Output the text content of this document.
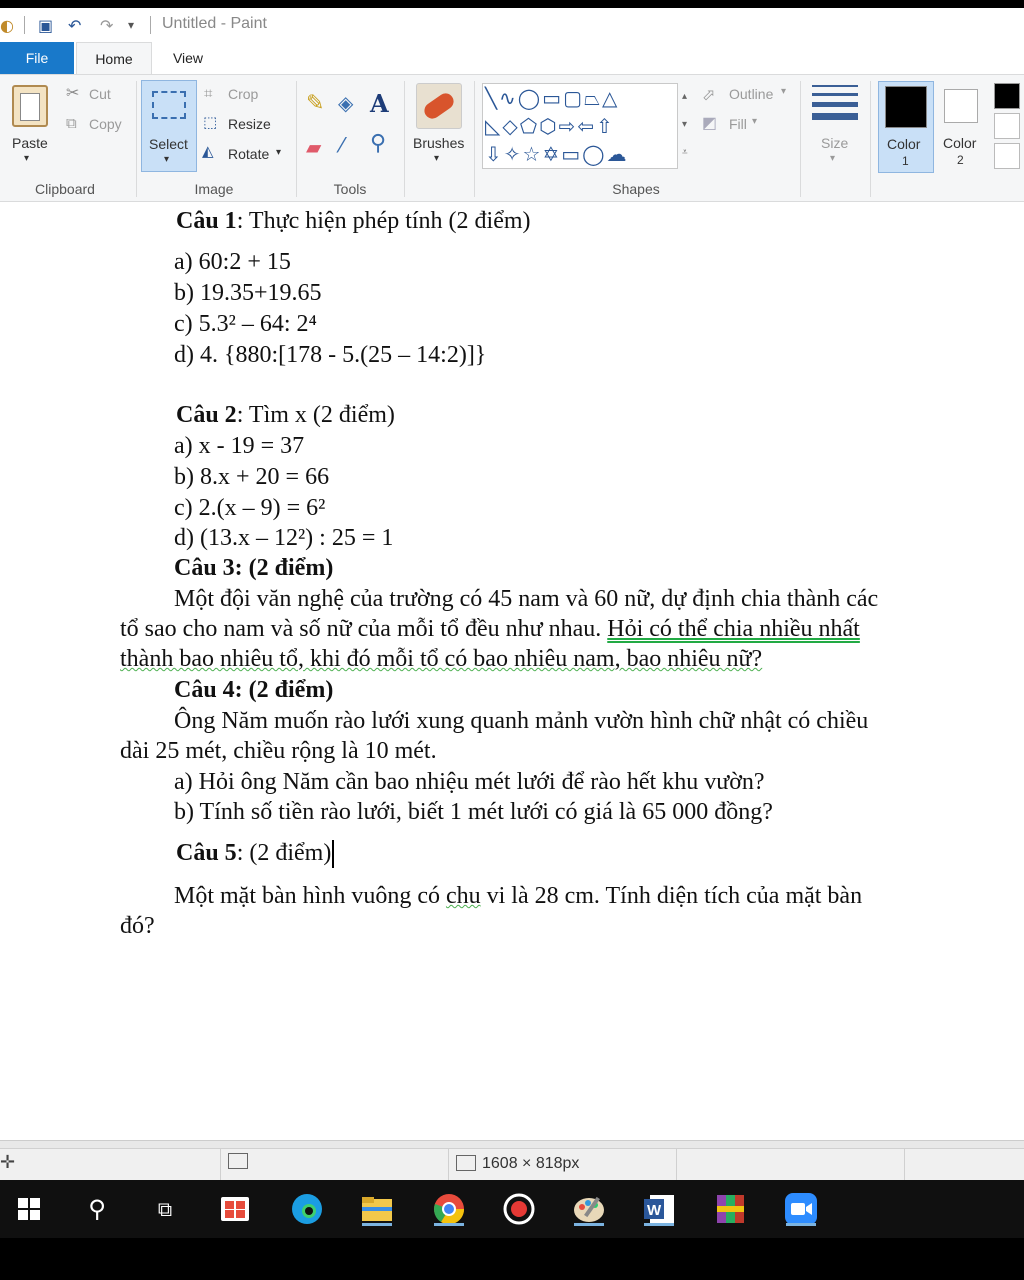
◐ ▣ ↶ ↷ ▾ Untitled - Paint
File	Home	View
Paste
▾
✂ Cut
⧉ Copy
Clipboard
Select
▾
⌗ Crop
⬚ Resize
◭ Rotate ▾
Image
✎ ◈ A
▰ ⁄ ⚲
Tools
Brushes
▾
╲∿◯▭▢⏢△
◺◇⬠⬡⇨⇦⇧
⇩✧☆✡▭◯☁
▴
▾
⩡
⬀ Outline ▾
◩ Fill ▾
Shapes
Size
▾
Color
1
Color
2
Câu 1: Thực hiện phép tính (2 điểm)
a) 60:2 + 15
b) 19.35+19.65
c) 5.3² – 64: 2⁴
d) 4. {880:[178 - 5.(25 – 14:2)]}
Câu 2: Tìm x (2 điểm)
a) x - 19 = 37
b) 8.x + 20 = 66
c) 2.(x – 9) = 6²
d) (13.x – 12²) : 25 = 1
Câu 3: (2 điểm)
Một đội văn nghệ của trường có 45 nam và 60 nữ, dự định chia thành các
tổ sao cho nam và số nữ của mỗi tổ đều như nhau. Hỏi có thể chia nhiều nhất
thành bao nhiêu tổ, khi đó mỗi tổ có bao nhiêu nam, bao nhiêu nữ?
Câu 4: (2 điểm)
Ông Năm muốn rào lưới xung quanh mảnh vườn hình chữ nhật có chiều
dài 25 mét, chiều rộng là 10 mét.
a) Hỏi ông Năm cần bao nhiệu mét lưới để rào hết khu vườn?
b) Tính số tiền rào lưới, biết 1 mét lưới có giá là 65 000 đồng?
Câu 5: (2 điểm)
Một mặt bàn hình vuông có chu vi là 28 cm. Tính diện tích của mặt bàn
đó?
✛	1608 × 818px
⚲	⧉	W
